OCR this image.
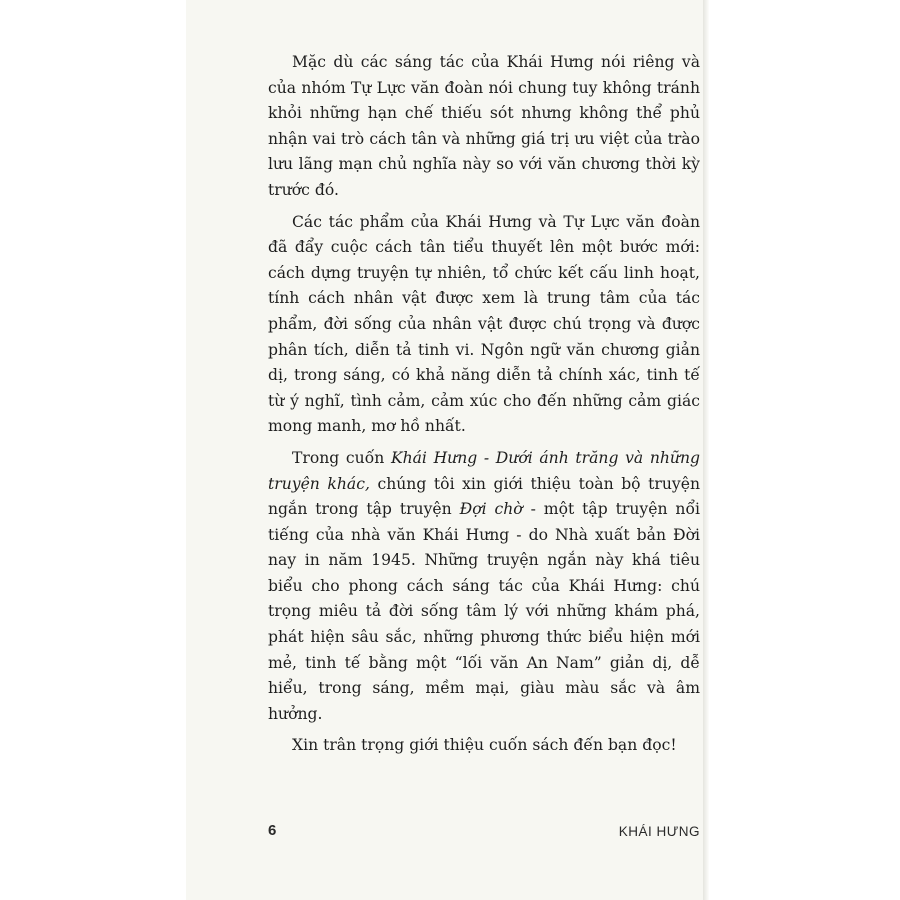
Mặc dù các sáng tác của Khái Hưng nói riêng và của nhóm Tự Lực văn đoàn nói chung tuy không tránh khỏi những hạn chế thiếu sót nhưng không thể phủ nhận vai trò cách tân và những giá trị ưu việt của trào lưu lãng mạn chủ nghĩa này so với văn chương thời kỳ trước đó.

Các tác phẩm của Khái Hưng và Tự Lực văn đoàn đã đẩy cuộc cách tân tiểu thuyết lên một bước mới: cách dựng truyện tự nhiên, tổ chức kết cấu linh hoạt, tính cách nhân vật được xem là trung tâm của tác phẩm, đời sống của nhân vật được chú trọng và được phân tích, diễn tả tinh vi. Ngôn ngữ văn chương giản dị, trong sáng, có khả năng diễn tả chính xác, tinh tế từ ý nghĩ, tình cảm, cảm xúc cho đến những cảm giác mong manh, mơ hồ nhất.

Trong cuốn Khái Hưng - Dưới ánh trăng và những truyện khác, chúng tôi xin giới thiệu toàn bộ truyện ngắn trong tập truyện Đợi chờ - một tập truyện nổi tiếng của nhà văn Khái Hưng - do Nhà xuất bản Đời nay in năm 1945. Những truyện ngắn này khá tiêu biểu cho phong cách sáng tác của Khái Hưng: chú trọng miêu tả đời sống tâm lý với những khám phá, phát hiện sâu sắc, những phương thức biểu hiện mới mẻ, tinh tế bằng một “lối văn An Nam” giản dị, dễ hiểu, trong sáng, mềm mại, giàu màu sắc và âm hưởng.

Xin trân trọng giới thiệu cuốn sách đến bạn đọc!

6	KHÁI HƯNG
